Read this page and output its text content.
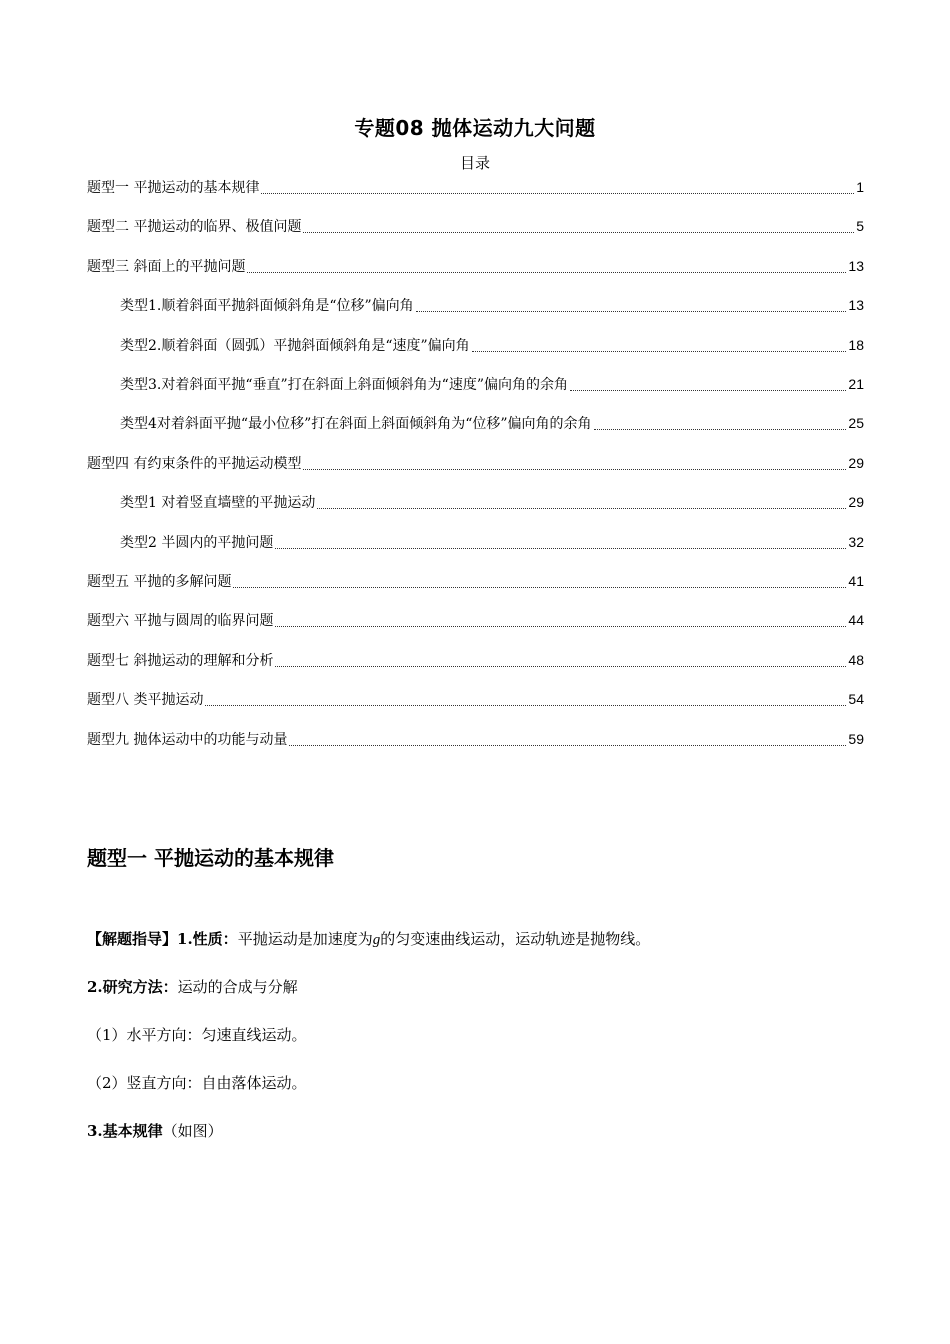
专题08 抛体运动九大问题
目录
题型一 平抛运动的基本规律	1
题型二 平抛运动的临界、极值问题	5
题型三 斜面上的平抛问题	13
类型1.顺着斜面平抛斜面倾斜角是“位移”偏向角	13
类型2.顺着斜面（圆弧）平抛斜面倾斜角是“速度”偏向角	18
类型3.对着斜面平抛“垂直”打在斜面上斜面倾斜角为“速度”偏向角的余角	21
类型4对着斜面平抛“最小位移”打在斜面上斜面倾斜角为“位移”偏向角的余角	25
题型四 有约束条件的平抛运动模型	29
类型1 对着竖直墙壁的平抛运动	29
类型2 半圆内的平抛问题	32
题型五 平抛的多解问题	41
题型六 平抛与圆周的临界问题	44
题型七 斜抛运动的理解和分析	48
题型八 类平抛运动	54
题型九 抛体运动中的功能与动量	59
题型一 平抛运动的基本规律
【解题指导】1.性质：平抛运动是加速度为g的匀变速曲线运动，运动轨迹是抛物线。
2.研究方法：运动的合成与分解
（1）水平方向：匀速直线运动。
（2）竖直方向：自由落体运动。
3.基本规律（如图）
